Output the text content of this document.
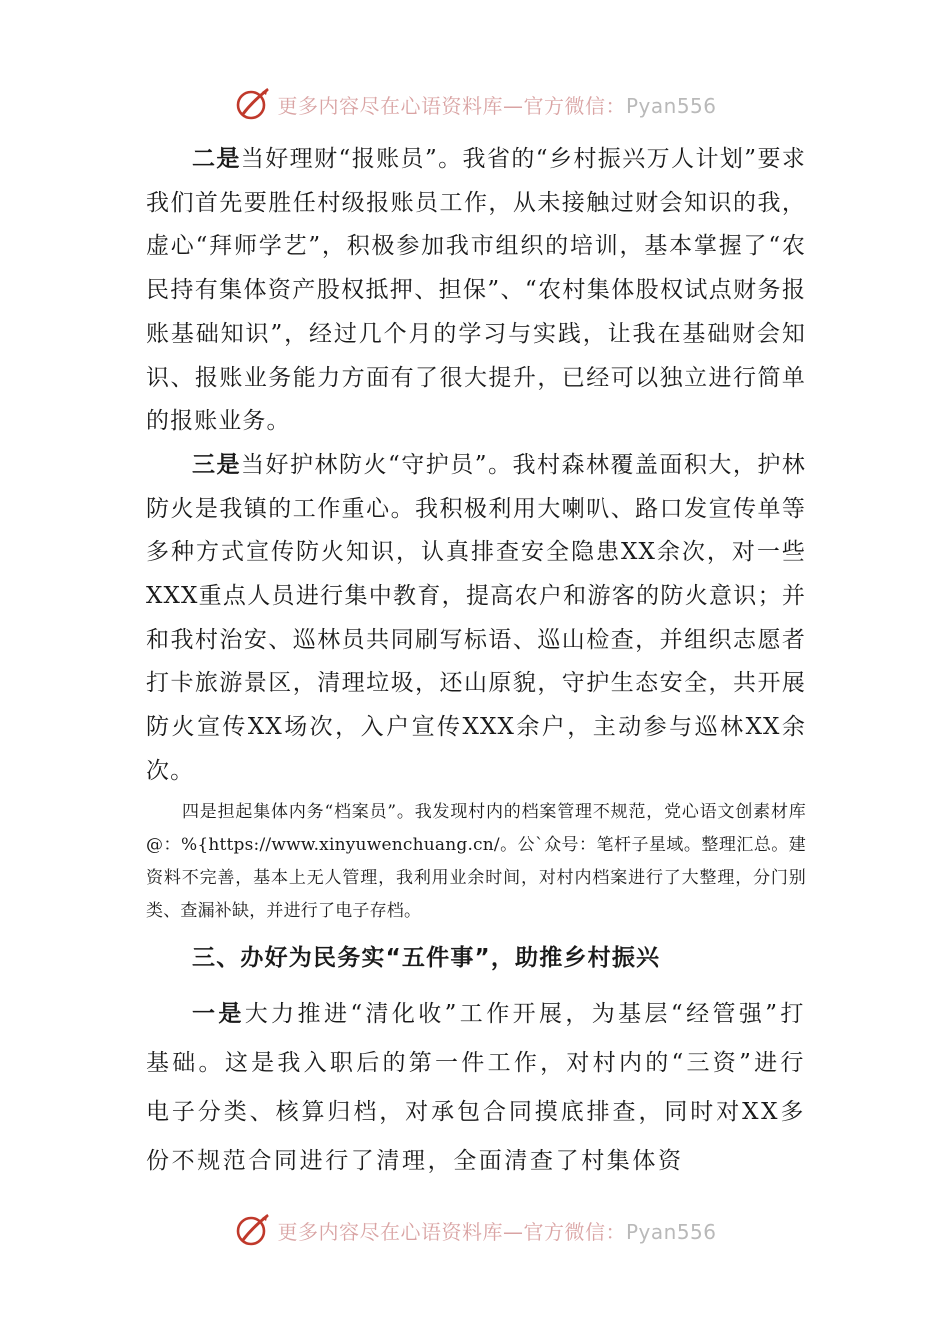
更多内容尽在心语资料库—官方微信：Pyan556

二是当好理财“报账员”。我省的“乡村振兴万人计划”要求我们首先要胜任村级报账员工作，从未接触过财会知识的我，虚心“拜师学艺”，积极参加我市组织的培训，基本掌握了“农民持有集体资产股权抵押、担保”、“农村集体股权试点财务报账基础知识”，经过几个月的学习与实践，让我在基础财会知识、报账业务能力方面有了很大提升，已经可以独立进行简单的报账业务。

三是当好护林防火“守护员”。我村森林覆盖面积大，护林防火是我镇的工作重心。我积极利用大喇叭、路口发宣传单等多种方式宣传防火知识，认真排查安全隐患XX余次，对一些XXX重点人员进行集中教育，提高农户和游客的防火意识；并和我村治安、巡林员共同刷写标语、巡山检查，并组织志愿者打卡旅游景区，清理垃圾，还山原貌，守护生态安全，共开展防火宣传XX场次，入户宣传XXX余户，主动参与巡林XX余次。

四是担起集体内务“档案员”。我发现村内的档案管理不规范，党心语文创素材库@：%{https://www.xinyuwenchuang.cn/。公`众号：笔杆子星域。整理汇总。建资料不完善，基本上无人管理，我利用业余时间，对村内档案进行了大整理，分门别类、查漏补缺，并进行了电子存档。

三、办好为民务实“五件事”，助推乡村振兴

一是大力推进“清化收”工作开展，为基层“经管强”打基础。这是我入职后的第一件工作，对村内的“三资”进行电子分类、核算归档，对承包合同摸底排查，同时对XX多份不规范合同进行了清理，全面清查了村集体资

更多内容尽在心语资料库—官方微信：Pyan556
